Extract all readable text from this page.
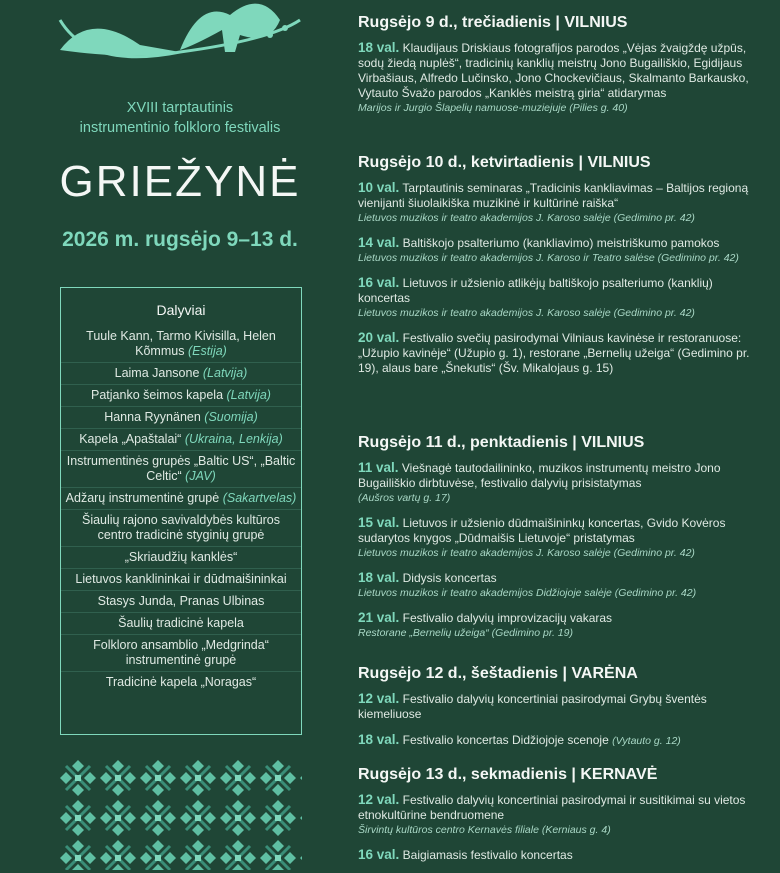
XVIII tarptautinis
instrumentinio folkloro festivalis
GRIEŽYNĖ
2026 m. rugsėjo 9–13 d.
Dalyviai
Tuule Kann, Tarmo Kivisilla, Helen Kõmmus (Estija)
Laima Jansone (Latvija)
Patjanko šeimos kapela (Latvija)
Hanna Ryynänen (Suomija)
Kapela „Apaštalai“ (Ukraina, Lenkija)
Instrumentinės grupės „Baltic US“, „Baltic Celtic“ (JAV)
Adžarų instrumentinė grupė (Sakartvelas)
Šiaulių rajono savivaldybės kultūros centro tradicinė styginių grupė
„Skriaudžių kanklės“
Lietuvos kanklininkai ir dūdmaišininkai
Stasys Junda, Pranas Ulbinas
Šaulių tradicinė kapela
Folkloro ansamblio „Medgrinda“ instrumentinė grupė
Tradicinė kapela „Noragas“
Rugsėjo 9 d., trečiadienis | VILNIUS
18 val. Klaudijaus Driskiaus fotografijos parodos „Vėjas žvaigždę užpūs, sodų žiedą nuplėš“, tradicinių kanklių meistrų Jono Bugailiškio, Egidijaus Virbašiaus, Alfredo Lučinsko, Jono Chockevičiaus, Skalmanto Barkausko, Vytauto Švažo parodos „Kanklės meistrą giria“ atidarymas
Marijos ir Jurgio Šlapelių namuose-muziejuje (Pilies g. 40)
Rugsėjo 10 d., ketvirtadienis | VILNIUS
10 val. Tarptautinis seminaras „Tradicinis kankliavimas – Baltijos regioną vienijanti šiuolaikiška muzikinė ir kultūrinė raiška“
Lietuvos muzikos ir teatro akademijos J. Karoso salėje (Gedimino pr. 42)
14 val. Baltiškojo psalteriumo (kankliavimo) meistriškumo pamokos
Lietuvos muzikos ir teatro akademijos J. Karoso ir Teatro salėse (Gedimino pr. 42)
16 val. Lietuvos ir užsienio atlikėjų baltiškojo psalteriumo (kanklių) koncertas
Lietuvos muzikos ir teatro akademijos J. Karoso salėje (Gedimino pr. 42)
20 val. Festivalio svečių pasirodymai Vilniaus kavinėse ir restoranuose: „Užupio kavinėje“ (Užupio g. 1), restorane „Bernelių užeiga“ (Gedimino pr. 19), alaus bare „Šnekutis“ (Šv. Mikalojaus g. 15)
Rugsėjo 11 d., penktadienis | VILNIUS
11 val. Viešnagė tautodailininko, muzikos instrumentų meistro Jono Bugailiškio dirbtuvėse, festivalio dalyvių prisistatymas
(Aušros vartų g. 17)
15 val. Lietuvos ir užsienio dūdmaišininkų koncertas, Gvido Kovėros sudarytos knygos „Dūdmaišis Lietuvoje“ pristatymas
Lietuvos muzikos ir teatro akademijos J. Karoso salėje (Gedimino pr. 42)
18 val. Didysis koncertas
Lietuvos muzikos ir teatro akademijos Didžiojoje salėje (Gedimino pr. 42)
21 val. Festivalio dalyvių improvizacijų vakaras
Restorane „Bernelių užeiga“ (Gedimino pr. 19)
Rugsėjo 12 d., šeštadienis | VARĖNA
12 val. Festivalio dalyvių koncertiniai pasirodymai Grybų šventės kiemeliuose
18 val. Festivalio koncertas Didžiojoje scenoje (Vytauto g. 12)
Rugsėjo 13 d., sekmadienis | KERNAVĖ
12 val. Festivalio dalyvių koncertiniai pasirodymai ir susitikimai su vietos etnokultūrine bendruomene
Širvintų kultūros centro Kernavės filiale (Kerniaus g. 4)
16 val. Baigiamasis festivalio koncertas
